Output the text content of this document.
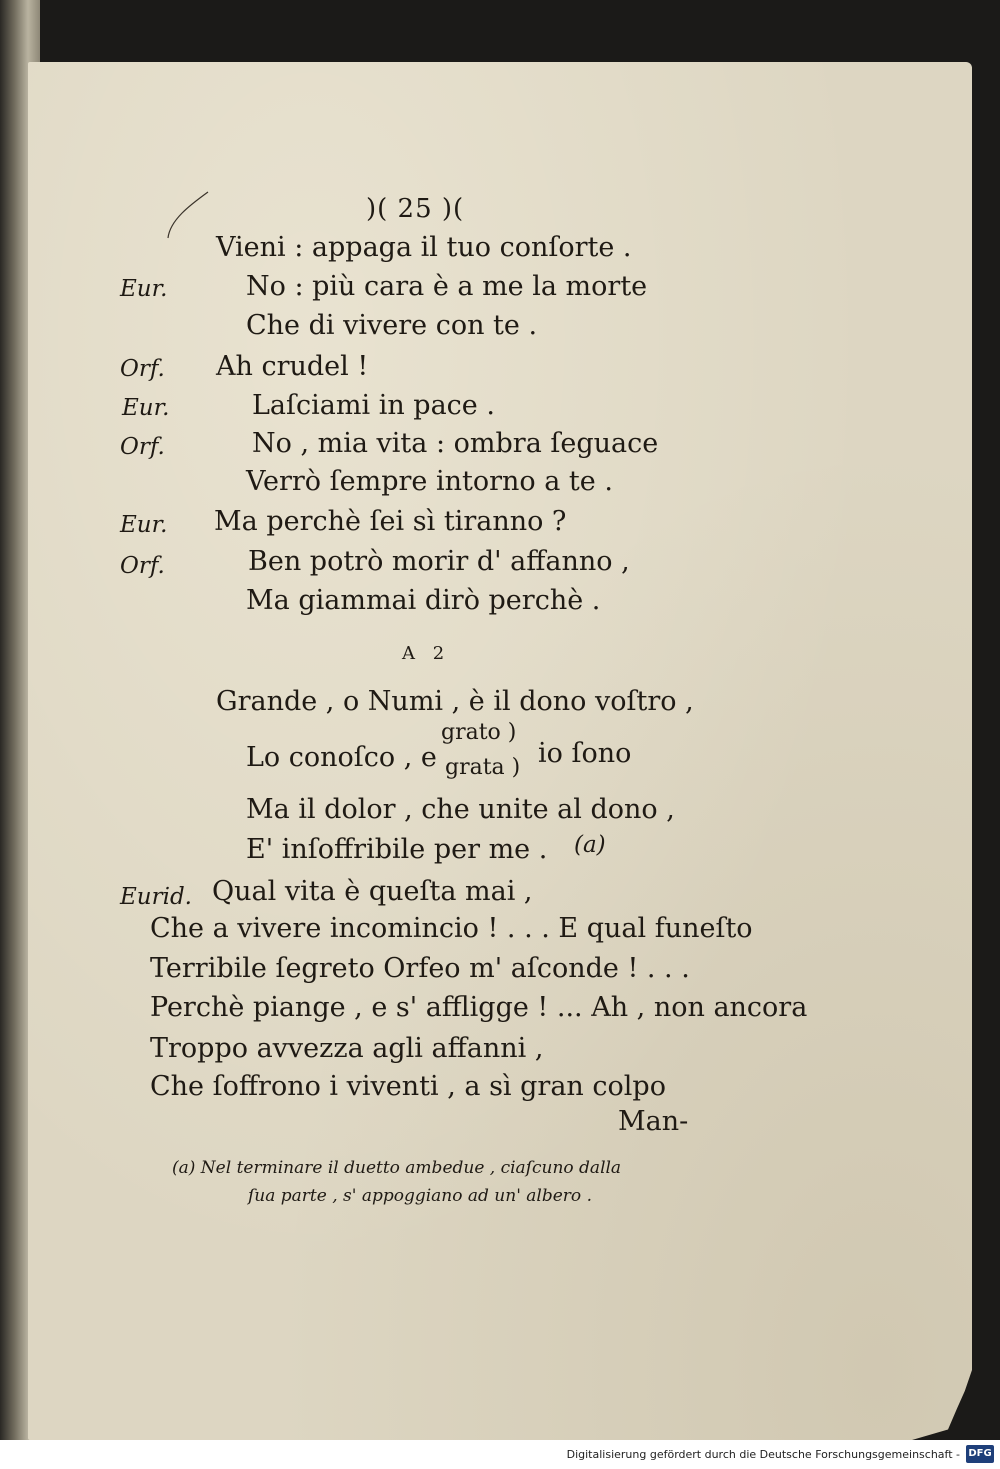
)( 25 )(
Vieni : appaga il tuo conſorte .
Eur.	No : più cara è a me la morte
Che di vivere con te .
Orf. Ah crudel !
Eur.	Laſciami in pace .
Orf.	No , mia vita : ombra ſeguace
Verrò ſempre intorno a te .
Eur. Ma perchè ſei sì tiranno ?
Orf.	Ben potrò morir d' affanno ,
Ma giammai dirò perchè .
A 2
Grande , o Numi , è il dono voſtro ,
Lo conoſco , e
grato )
grata ) io ſono
Ma il dolor , che unite al dono ,
E' inſoffribile per me . (a)
Eurid. Qual vita è queſta mai ,
Che a vivere incomincio ! . . . E qual funeſto
Terribile ſegreto Orfeo m' aſconde ! . . .
Perchè piange , e s' affligge ! ... Ah , non ancora
Troppo avvezza agli affanni ,
Che ſoffrono i viventi , a sì gran colpo
Man-
(a) Nel terminare il duetto ambedue , ciaſcuno dalla
ſua parte , s' appoggiano ad un' albero .
Digitalisierung gefördert durch die Deutsche Forschungsgemeinschaft - DFG
